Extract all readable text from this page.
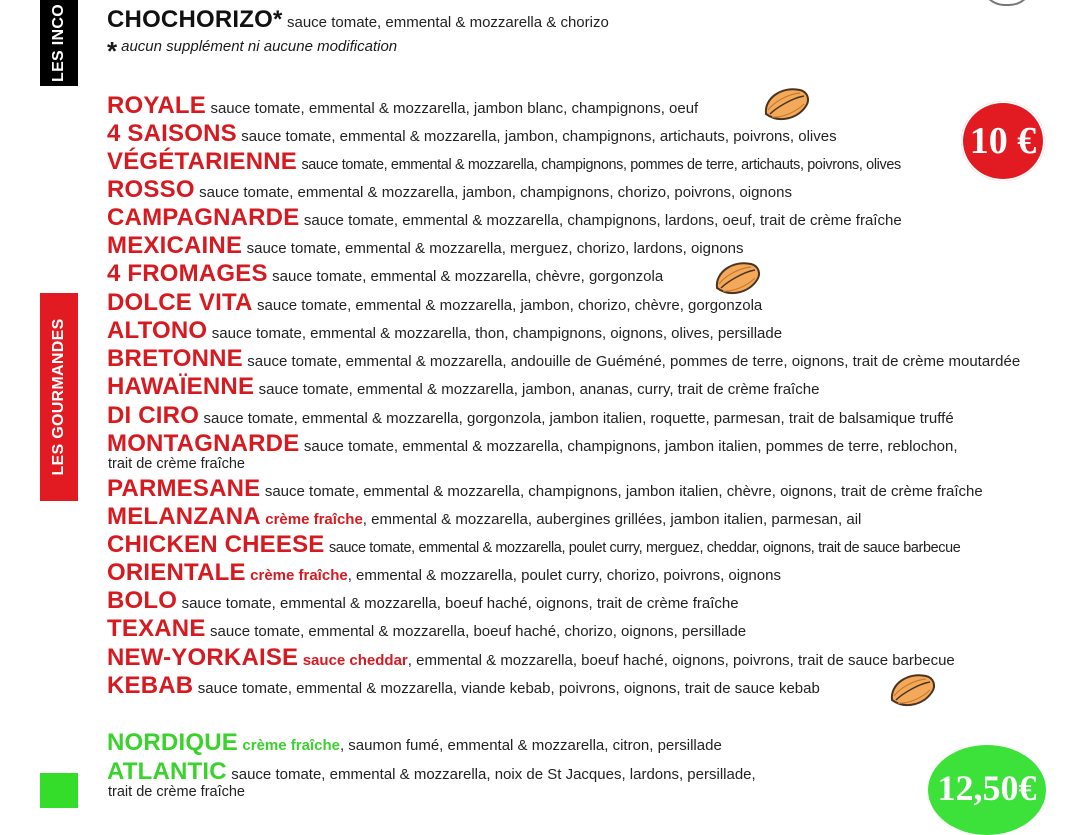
LES INCO
LES GOURMANDES
CHOCHORIZO* sauce tomate, emmental & mozzarella & chorizo
* aucun supplément ni aucune modification
ROYALE sauce tomate, emmental & mozzarella, jambon blanc, champignons, oeuf
4 SAISONS sauce tomate, emmental & mozzarella, jambon, champignons, artichauts, poivrons, olives
VÉGÉTARIENNE sauce tomate, emmental & mozzarella, champignons, pommes de terre, artichauts, poivrons, olives
ROSSO sauce tomate, emmental & mozzarella, jambon, champignons, chorizo, poivrons, oignons
CAMPAGNARDE sauce tomate, emmental & mozzarella, champignons, lardons, oeuf, trait de crème fraîche
MEXICAINE sauce tomate, emmental & mozzarella, merguez, chorizo, lardons, oignons
4 FROMAGES sauce tomate, emmental & mozzarella, chèvre, gorgonzola
DOLCE VITA sauce tomate, emmental & mozzarella, jambon, chorizo, chèvre, gorgonzola
ALTONO sauce tomate, emmental & mozzarella, thon, champignons, oignons, olives, persillade
BRETONNE sauce tomate, emmental & mozzarella, andouille de Guéméné, pommes de terre, oignons, trait de crème moutardée
HAWAÏENNE sauce tomate, emmental & mozzarella, jambon, ananas, curry, trait de crème fraîche
DI CIRO sauce tomate, emmental & mozzarella, gorgonzola, jambon italien, roquette, parmesan, trait de balsamique truffé
MONTAGNARDE sauce tomate, emmental & mozzarella, champignons, jambon italien, pommes de terre, reblochon,
trait de crème fraîche
PARMESANE sauce tomate, emmental & mozzarella, champignons, jambon italien, chèvre, oignons, trait de crème fraîche
MELANZANA crème fraîche, emmental & mozzarella, aubergines grillées, jambon italien, parmesan, ail
CHICKEN CHEESE sauce tomate, emmental & mozzarella, poulet curry, merguez, cheddar, oignons, trait de sauce barbecue
ORIENTALE crème fraîche, emmental & mozzarella, poulet curry, chorizo, poivrons, oignons
BOLO sauce tomate, emmental & mozzarella, boeuf haché, oignons, trait de crème fraîche
TEXANE sauce tomate, emmental & mozzarella, boeuf haché, chorizo, oignons, persillade
NEW-YORKAISE sauce cheddar, emmental & mozzarella, boeuf haché, oignons, poivrons, trait de sauce barbecue
KEBAB sauce tomate, emmental & mozzarella, viande kebab, poivrons, oignons, trait de sauce kebab
NORDIQUE crème fraîche, saumon fumé, emmental & mozzarella, citron, persillade
ATLANTIC sauce tomate, emmental & mozzarella, noix de St Jacques, lardons, persillade,
trait de crème fraîche
10 €
12,50€
